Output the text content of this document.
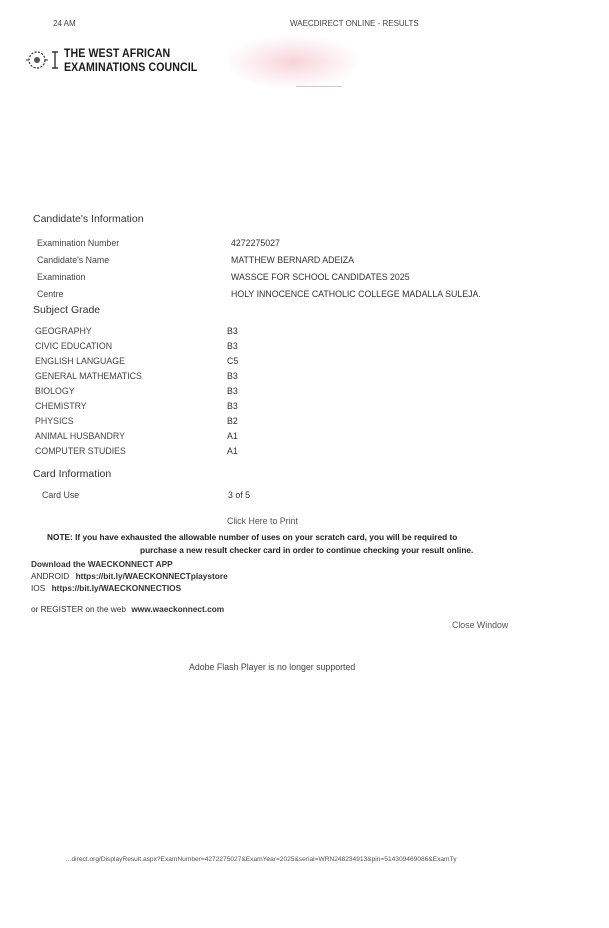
24 AM	WAECDIRECT ONLINE - RESULTS
THE WEST AFRICAN
EXAMINATIONS COUNCIL
Candidate's Information
Examination Number	4272275027
Candidate's Name	MATTHEW BERNARD ADEIZA
Examination	WASSCE FOR SCHOOL CANDIDATES 2025
Centre	HOLY INNOCENCE CATHOLIC COLLEGE MADALLA SULEJA.
Subject Grade
GEOGRAPHY	B3
CIVIC EDUCATION	B3
ENGLISH LANGUAGE	C5
GENERAL MATHEMATICS	B3
BIOLOGY	B3
CHEMISTRY	B3
PHYSICS	B2
ANIMAL HUSBANDRY	A1
COMPUTER STUDIES	A1
Card Information
Card Use	3 of 5
Click Here to Print
NOTE: If you have exhausted the allowable number of uses on your scratch card, you will be required to
purchase a new result checker card in order to continue checking your result online.
Download the WAECKONNECT APP
ANDROID https://bit.ly/WAECKONNECTplaystore
IOS https://bit.ly/WAECKONNECTIOS
or REGISTER on the web www.waeckonnect.com
Close Window
Adobe Flash Player is no longer supported
...direct.org/DisplayResult.aspx?ExamNumber=4272275027&ExamYear=2025&serial=WRN248234913&pin=514309469086&ExamTy
